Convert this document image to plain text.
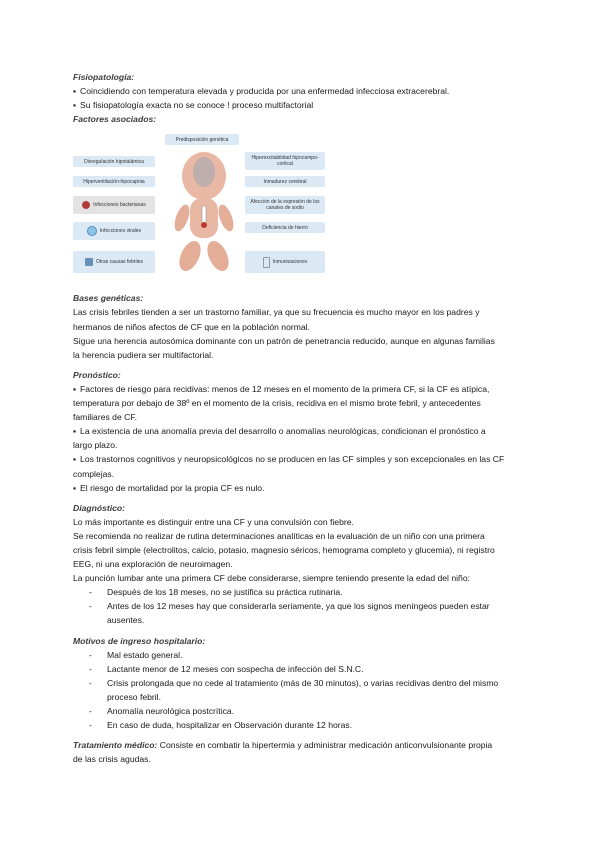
Fisiopatología:

▪ Coincidiendo con temperatura elevada y producida por una enfermedad infecciosa extracerebral.

▪ Su fisiopatología exacta no se conoce ! proceso multifactorial

Factores asociados:
Predisposición genética
Disregulación hipotalámica
Hiperventilación-hipocapnia
Infecciones bacterianas
Infecciones virales
Otras causas febriles
Hiperexcitabilidad hipocampo-cortical
Inmadurez cerebral
Afección de la expresión de los canales de sodio
Deficiencia de hierro
Inmunizaciones
Bases genéticas:

Las crisis febriles tienden a ser un trastorno familiar, ya que su frecuencia es mucho mayor en los padres y

hermanos de niños afectos de CF que en la población normal.

Sigue una herencia autosómica dominante con un patrón de penetrancia reducido, aunque en algunas familias

la herencia pudiera ser multifactorial.

Pronóstico:

▪ Factores de riesgo para recidivas: menos de 12 meses en el momento de la primera CF, si la CF es atípica,

temperatura por debajo de 38º en el momento de la crisis, recidiva en el mismo brote febril, y antecedentes

familiares de CF.

▪ La existencia de una anomalía previa del desarrollo o anomalías neurológicas, condicionan el pronóstico a

largo plazo.

▪ Los trastornos cognitivos y neuropsicológicos no se producen en las CF simples y son excepcionales en las CF

complejas.

▪ El riesgo de mortalidad por la propia CF es nulo.

Diagnóstico:

Lo más importante es distinguir entre una CF y una convulsión con fiebre.

Se recomienda no realizar de rutina determinaciones analíticas en la evaluación de un niño con una primera

crisis febril simple (electrolitos, calcio, potasio, magnesio séricos, hemograma completo y glucemia), ni registro

EEG, ni una exploración de neuroimagen.

La punción lumbar ante una primera CF debe considerarse, siempre teniendo presente la edad del niño:

- Después de los 18 meses, no se justifica su práctica rutinaria.

- Antes de los 12 meses hay que considerarla seriamente, ya que los signos meníngeos pueden estar

ausentes.

Motivos de ingreso hospitalario:

- Mal estado general.

- Lactante menor de 12 meses con sospecha de infección del S.N.C.

- Crisis prolongada que no cede al tratamiento (más de 30 minutos), o varias recidivas dentro del mismo

proceso febril.

- Anomalía neurológica postcrítica.

- En caso de duda, hospitalizar en Observación durante 12 horas.

Tratamiento médico: Consiste en combatir la hipertermia y administrar medicación anticonvulsionante propia

de las crisis agudas.
